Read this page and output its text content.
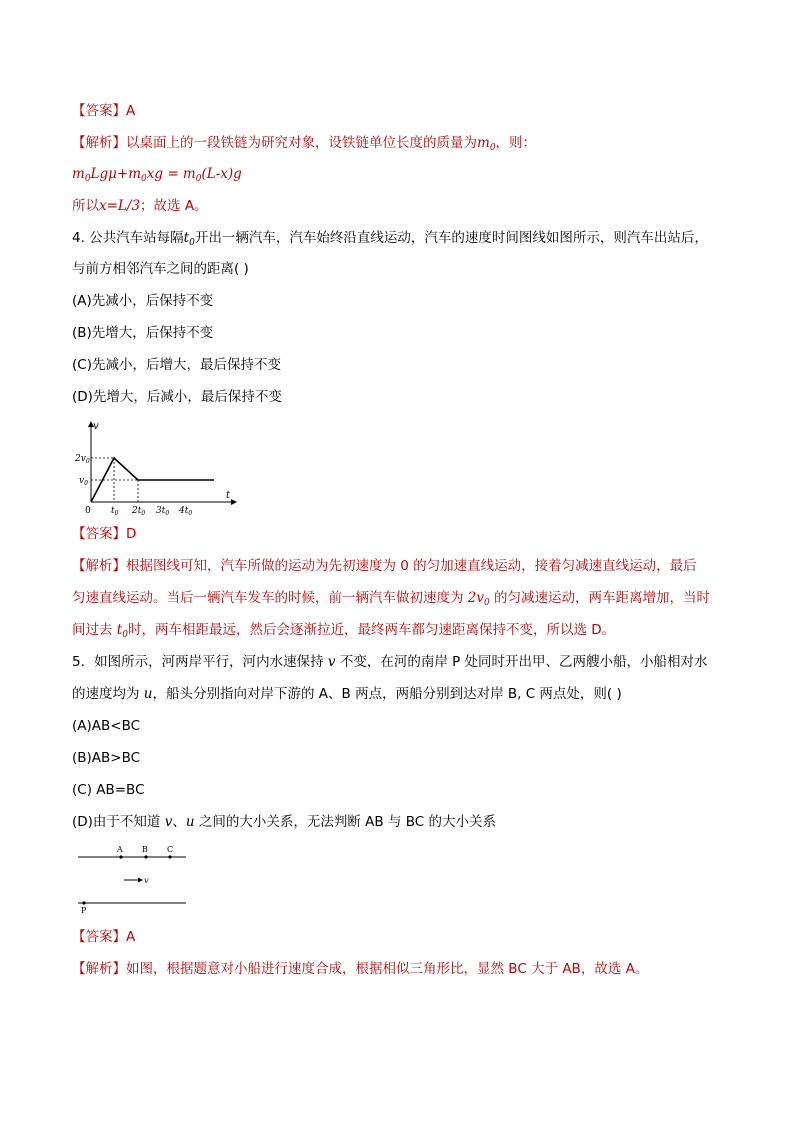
【答案】A
【解析】以桌面上的一段铁链为研究对象，设铁链单位长度的质量为$m_0$，则：
$m_0Lg\mu+m_0xg = m_0(L-x)g$
所以x=L/3；故选 A。
4. 公共汽车站每隔$t_0$开出一辆汽车，汽车始终沿直线运动，汽车的速度时间图线如图所示，则汽车出站后，
与前方相邻汽车之间的距离( )
(A)先减小，后保持不变
(B)先增大，后保持不变
(C)先减小，后增大，最后保持不变
(D)先增大，后减小，最后保持不变
v
t
0
$2v_0$
$v_0$
$t_0$ $2t_0$ $3t_0$ $4t_0$
【答案】D
【解析】根据图线可知，汽车所做的运动为先初速度为 0 的匀加速直线运动，接着匀减速直线运动，最后
匀速直线运动。当后一辆汽车发车的时候，前一辆汽车做初速度为 $2v_0$ 的匀减速运动，两车距离增加，当时
间过去 $t_0$时，两车相距最远，然后会逐渐拉近，最终两车都匀速距离保持不变，所以选 D。
5．如图所示，河两岸平行，河内水速保持 v 不变，在河的南岸 P 处同时开出甲、乙两艘小船，小船相对水
的速度均为 u，船头分别指向对岸下游的 A、B 两点，两船分别到达对岸 B, C 两点处，则( )
(A)AB<BC
(B)AB>BC
(C) AB=BC
(D)由于不知道 v、u 之间的大小关系，无法判断 AB 与 BC 的大小关系
A B C
v
P
【答案】A
【解析】如图，根据题意对小船进行速度合成，根据相似三角形比，显然 BC 大于 AB，故选 A。
